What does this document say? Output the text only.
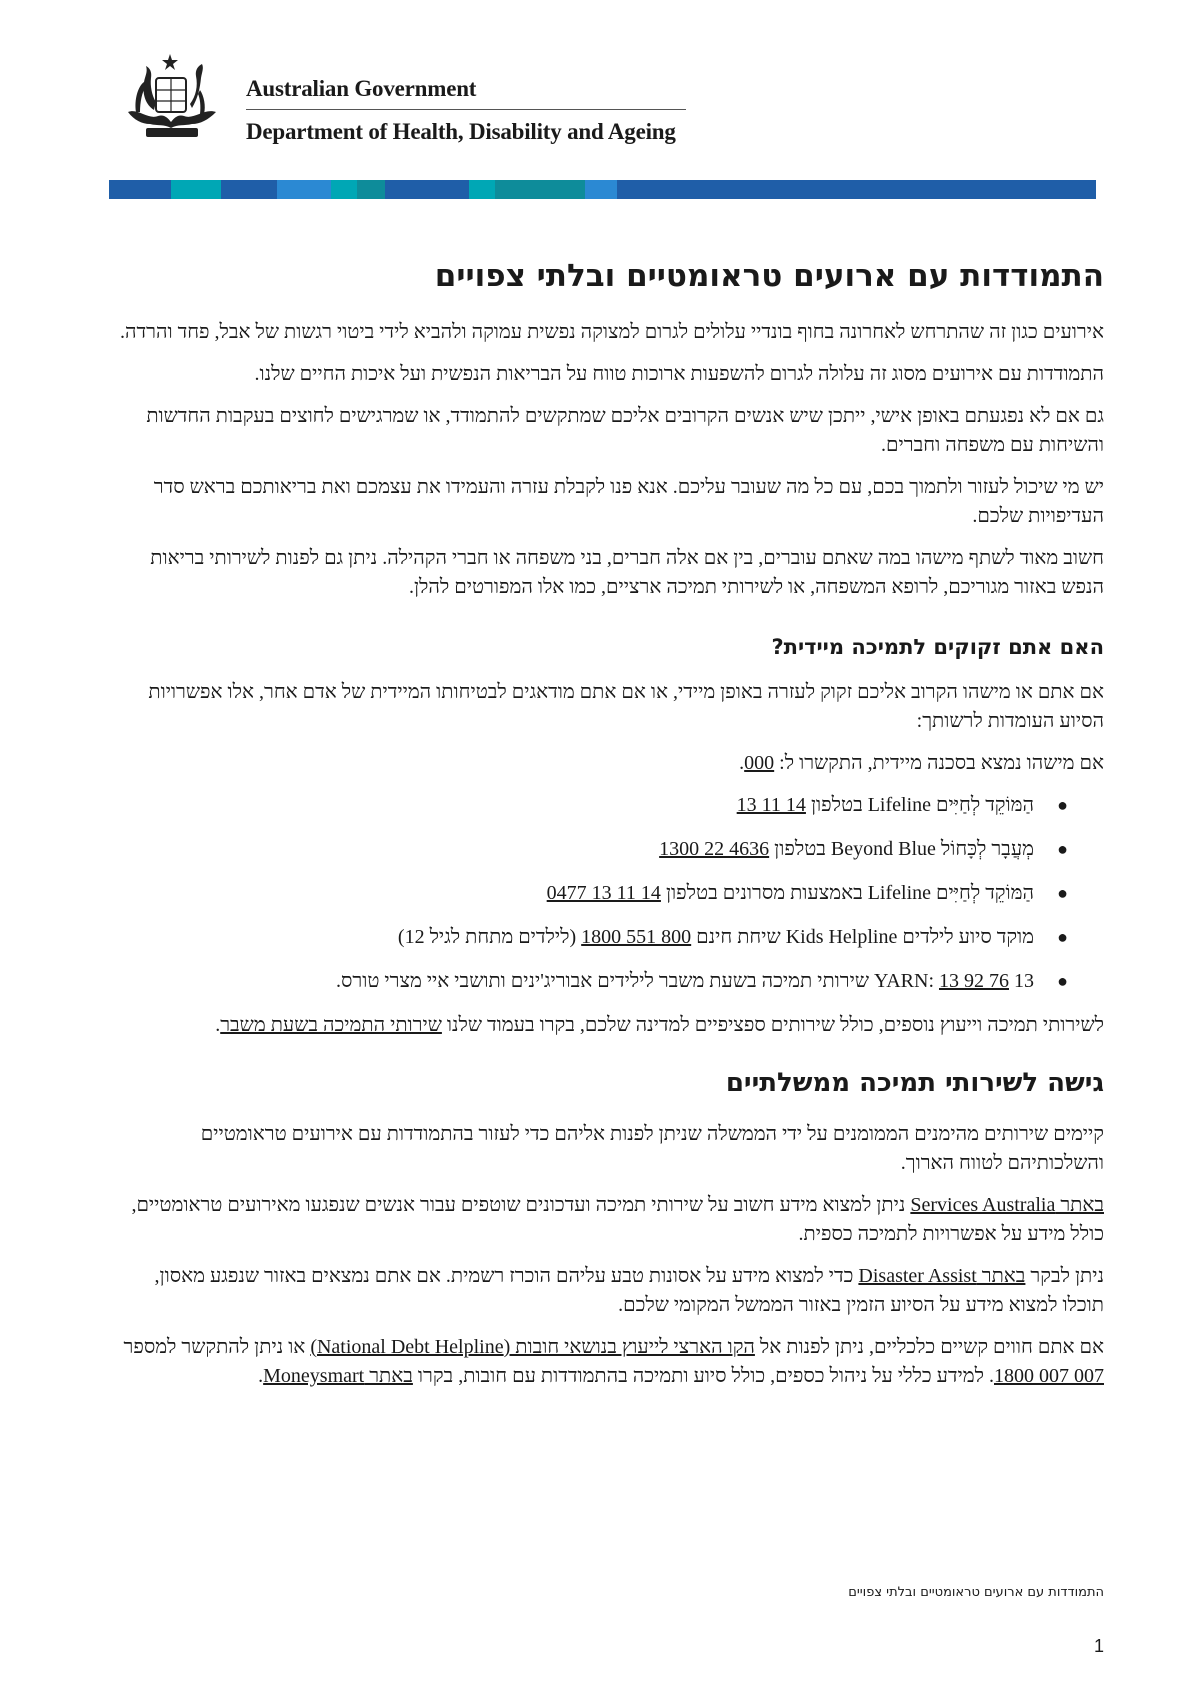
Australian Government
Department of Health, Disability and Ageing
התמודדות עם ארועים טראומטיים ובלתי צפויים

אירועים כגון זה שהתרחש לאחרונה בחוף בונדיי עלולים לגרום למצוקה נפשית עמוקה ולהביא לידי ביטוי רגשות של אבל, פחד והרדה.

התמודדות עם אירועים מסוג זה עלולה לגרום להשפעות ארוכות טווח על הבריאות הנפשית ועל איכות החיים שלנו.

גם אם לא נפגעתם באופן אישי, ייתכן שיש אנשים הקרובים אליכם שמתקשים להתמודד, או שמרגישים לחוצים בעקבות החדשות והשיחות עם משפחה וחברים.

יש מי שיכול לעזור ולתמוך בכם, עם כל מה שעובר עליכם. אנא פנו לקבלת עזרה והעמידו את עצמכם ואת בריאותכם בראש סדר העדיפויות שלכם.

חשוב מאוד לשתף מישהו במה שאתם עוברים, בין אם אלה חברים, בני משפחה או חברי הקהילה. ניתן גם לפנות לשירותי בריאות הנפש באזור מגוריכם, לרופא המשפחה, או לשירותי תמיכה ארציים, כמו אלו המפורטים להלן.

האם אתם זקוקים לתמיכה מיידית?

אם אתם או מישהו הקרוב אליכם זקוק לעזרה באופן מיידי, או אם אתם מודאגים לבטיחותו המיידית של אדם אחר, אלו אפשרויות הסיוע העומדות לרשותך:

אם מישהו נמצא בסכנה מיידית, התקשרו ל: 000.

●
הַמּוֹקֵד לְחַיִּים Lifeline בטלפון 13 11 14
●
מְעֲבָר לְכָּחוֹל Beyond Blue בטלפון 1300 22 4636
●
הַמּוֹקֵד לְחַיִּים Lifeline באמצעות מסרונים בטלפון 0477 13 11 14
●
מוקד סיוע לילדים Kids Helpline שיחת חינם 1800 551 800 (לילדים מתחת לגיל 12)
●
13 YARN: 13 92 76 שירותי תמיכה בשעת משבר לילידים אבוריג'ינים ותושבי איי מצרי טורס.

לשירותי תמיכה וייעוץ נוספים, כולל שירותים ספציפיים למדינה שלכם, בקרו בעמוד שלנו שירותי התמיכה בשעת משבר.

גישה לשירותי תמיכה ממשלתיים

קיימים שירותים מהימנים הממומנים על ידי הממשלה שניתן לפנות אליהם כדי לעזור בהתמודדות עם אירועים טראומטיים והשלכותיהם לטווח הארוך.

באתר Services Australia ניתן למצוא מידע חשוב על שירותי תמיכה ועדכונים שוטפים עבור אנשים שנפגעו מאירועים טראומטיים, כולל מידע על אפשרויות לתמיכה כספית.

ניתן לבקר באתר Disaster Assist כדי למצוא מידע על אסונות טבע עליהם הוכרז רשמית. אם אתם נמצאים באזור שנפגע מאסון, תוכלו למצוא מידע על הסיוע הזמין באזור הממשל המקומי שלכם.

אם אתם חווים קשיים כלכליים, ניתן לפנות אל הקו הארצי לייעוץ בנושאי חובות (National Debt Helpline) או ניתן להתקשר למספר 1800 007 007. למידע כללי על ניהול כספים, כולל סיוע ותמיכה בהתמודדות עם חובות, בקרו באתר Moneysmart.

התמודדות עם ארועים טראומטיים ובלתי צפויים
1
